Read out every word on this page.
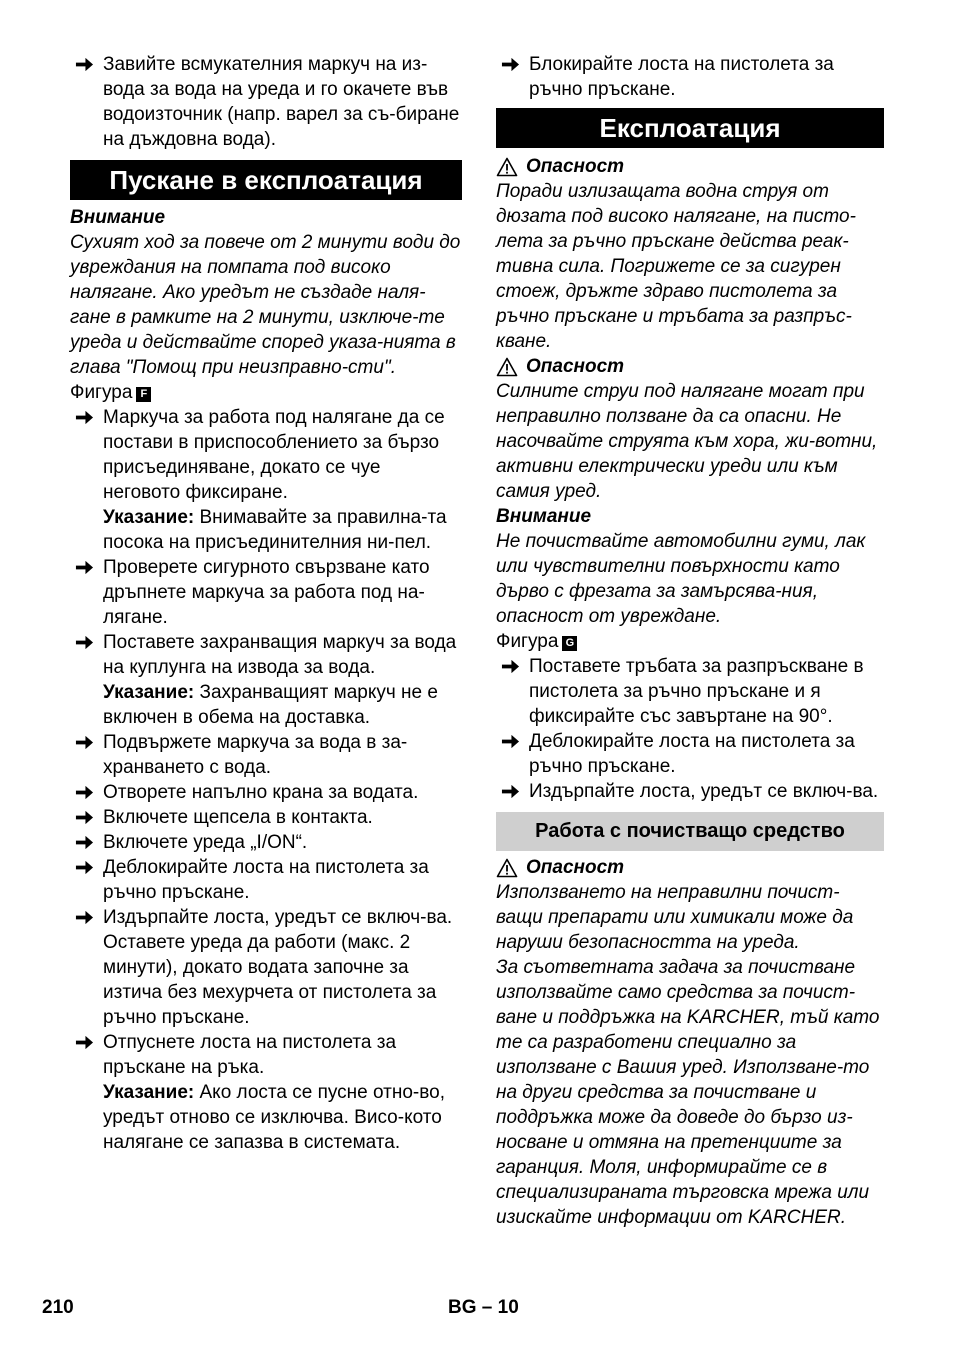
Завийте всмукателния маркуч на из-вода за вода на уреда и го окачете във водоизточник (напр. варел за съ-биране на дъждовна вода).

Пускане в експлоатация

Внимание

Сухият ход за повече от 2 минути води до увреждания на помпата под високо налягане. Ако уредът не създаде наля-гане в рамките на 2 минути, изключе-те уреда и действайте според указа-нията в глава "Помощ при неизправно-сти".

Фигура F

Маркуча за работа под налягане да се постави в приспособлението за бързо присъединяване, докато се чуе неговото фиксиране.

Указание: Внимавайте за правилна-та посока на присъединителния ни-пел.

Проверете сигурното свързване като дръпнете маркуча за работа под на-лягане.

Поставете захранващия маркуч за вода на куплунга на извода за вода.

Указание: Захранващият маркуч не е включен в обема на доставка.

Подвържете маркуча за вода в за-хранването с вода.

Отворете напълно крана за водата.

Включете щепсела в контакта.

Включете уреда „I/ON“.

Деблокирайте лоста на пистолета за ръчно пръскане.

Издърпайте лоста, уредът се включ-ва.

Оставете уреда да работи (макс. 2 минути), докато водата започне за изтича без мехурчета от пистолета за ръчно пръскане.

Отпуснете лоста на пистолета за пръскане на ръка.

Указание: Ако лоста се пусне отно-во, уредът отново се изключва. Висо-кото налягане се запазва в системата.

Блокирайте лоста на пистолета за ръчно пръскане.

Експлоатация

Опасност

Поради излизащата водна струя от дюзата под високо налягане, на писто-лета за ръчно пръскане действа реак-тивна сила. Погрижете се за сигурен стоеж, дръжте здраво пистолета за ръчно пръскане и тръбата за разпръс-кване.

Опасност

Силните струи под налягане могат при неправилно ползване да са опасни. Не насочвайте струята към хора, жи-вотни, активни електрически уреди или към самия уред.

Внимание

Не почиствайте автомобилни гуми, лак или чувствителни повърхности като дърво с фрезата за замърсява-ния, опасност от увреждане.

Фигура G

Поставете тръбата за разпръскване в пистолета за ръчно пръскане и я фиксирайте със завъртане на 90°.

Деблокирайте лоста на пистолета за ръчно пръскане.

Издърпайте лоста, уредът се включ-ва.

Работа с почистващо средство

Опасност

Използването на неправилни почист-ващи препарати или химикали може да наруши безопасността на уреда.

За съответната задача за почистване използвайте само средства за почист-ване и поддръжка на KARCHER, тъй като те са разработени специално за използване с Вашия уред. Използване-то на други средства за почистване и поддръжка може да доведе до бързо из-носване и отмяна на претенциите за гаранция. Моля, информирайте се в специализираната търговска мрежа или изискайте информации от KARCHER.

210	BG – 10
